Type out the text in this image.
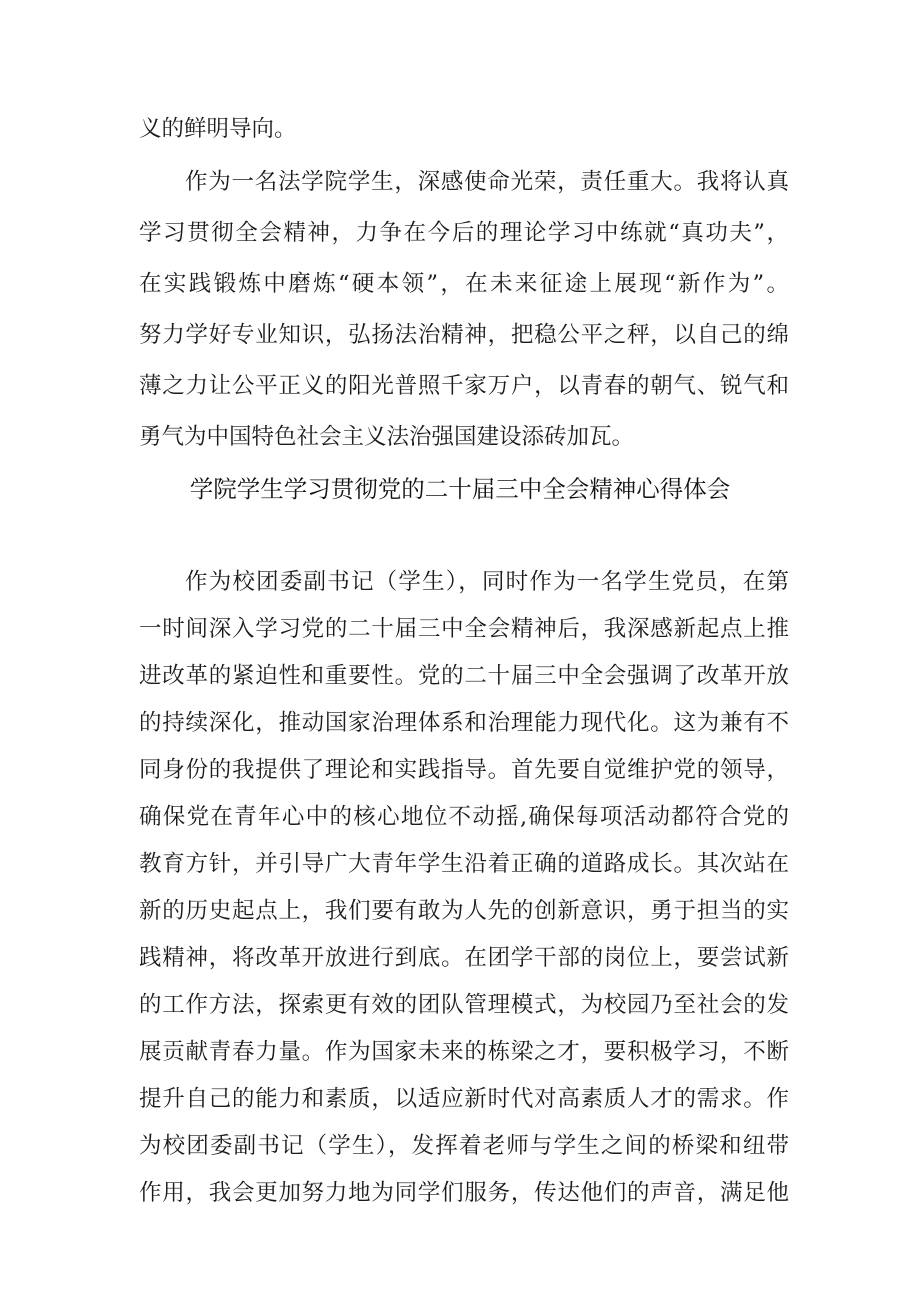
义的鲜明导向。
作为一名法学院学生，深感使命光荣，责任重大。我将认真
学习贯彻全会精神，力争在今后的理论学习中练就“真功夫”，
在实践锻炼中磨炼“硬本领”，在未来征途上展现“新作为”。
努力学好专业知识，弘扬法治精神，把稳公平之秤，以自己的绵
薄之力让公平正义的阳光普照千家万户，以青春的朝气、锐气和
勇气为中国特色社会主义法治强国建设添砖加瓦。
学院学生学习贯彻党的二十届三中全会精神心得体会
作为校团委副书记（学生），同时作为一名学生党员，在第
一时间深入学习党的二十届三中全会精神后，我深感新起点上推
进改革的紧迫性和重要性。党的二十届三中全会强调了改革开放
的持续深化，推动国家治理体系和治理能力现代化。这为兼有不
同身份的我提供了理论和实践指导。首先要自觉维护党的领导，
确保党在青年心中的核心地位不动摇,确保每项活动都符合党的
教育方针，并引导广大青年学生沿着正确的道路成长。其次站在
新的历史起点上，我们要有敢为人先的创新意识，勇于担当的实
践精神，将改革开放进行到底。在团学干部的岗位上，要尝试新
的工作方法，探索更有效的团队管理模式，为校园乃至社会的发
展贡献青春力量。作为国家未来的栋梁之才，要积极学习，不断
提升自己的能力和素质，以适应新时代对高素质人才的需求。作
为校团委副书记（学生），发挥着老师与学生之间的桥梁和纽带
作用，我会更加努力地为同学们服务，传达他们的声音，满足他
